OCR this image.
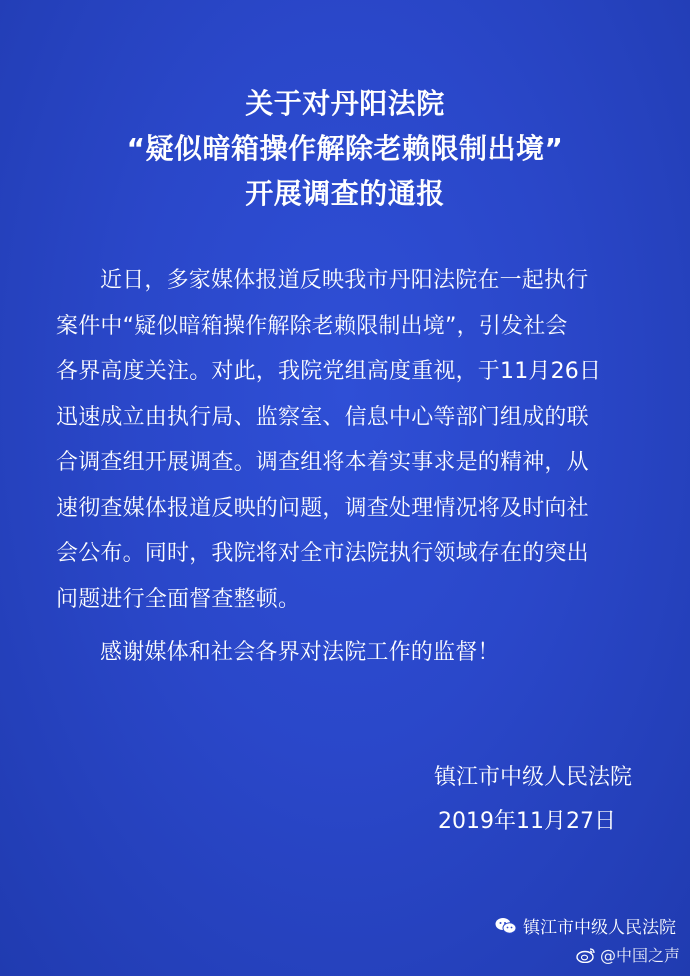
关于对丹阳法院
“疑似暗箱操作解除老赖限制出境”
开展调查的通报
近日，多家媒体报道反映我市丹阳法院在一起执行
案件中“疑似暗箱操作解除老赖限制出境”，引发社会
各界高度关注。对此，我院党组高度重视，于11月26日
迅速成立由执行局、监察室、信息中心等部门组成的联
合调查组开展调查。调查组将本着实事求是的精神，从
速彻查媒体报道反映的问题，调查处理情况将及时向社
会公布。同时，我院将对全市法院执行领域存在的突出
问题进行全面督查整顿。
感谢媒体和社会各界对法院工作的监督！
镇江市中级人民法院
2019年11月27日
镇江市中级人民法院
@中国之声
